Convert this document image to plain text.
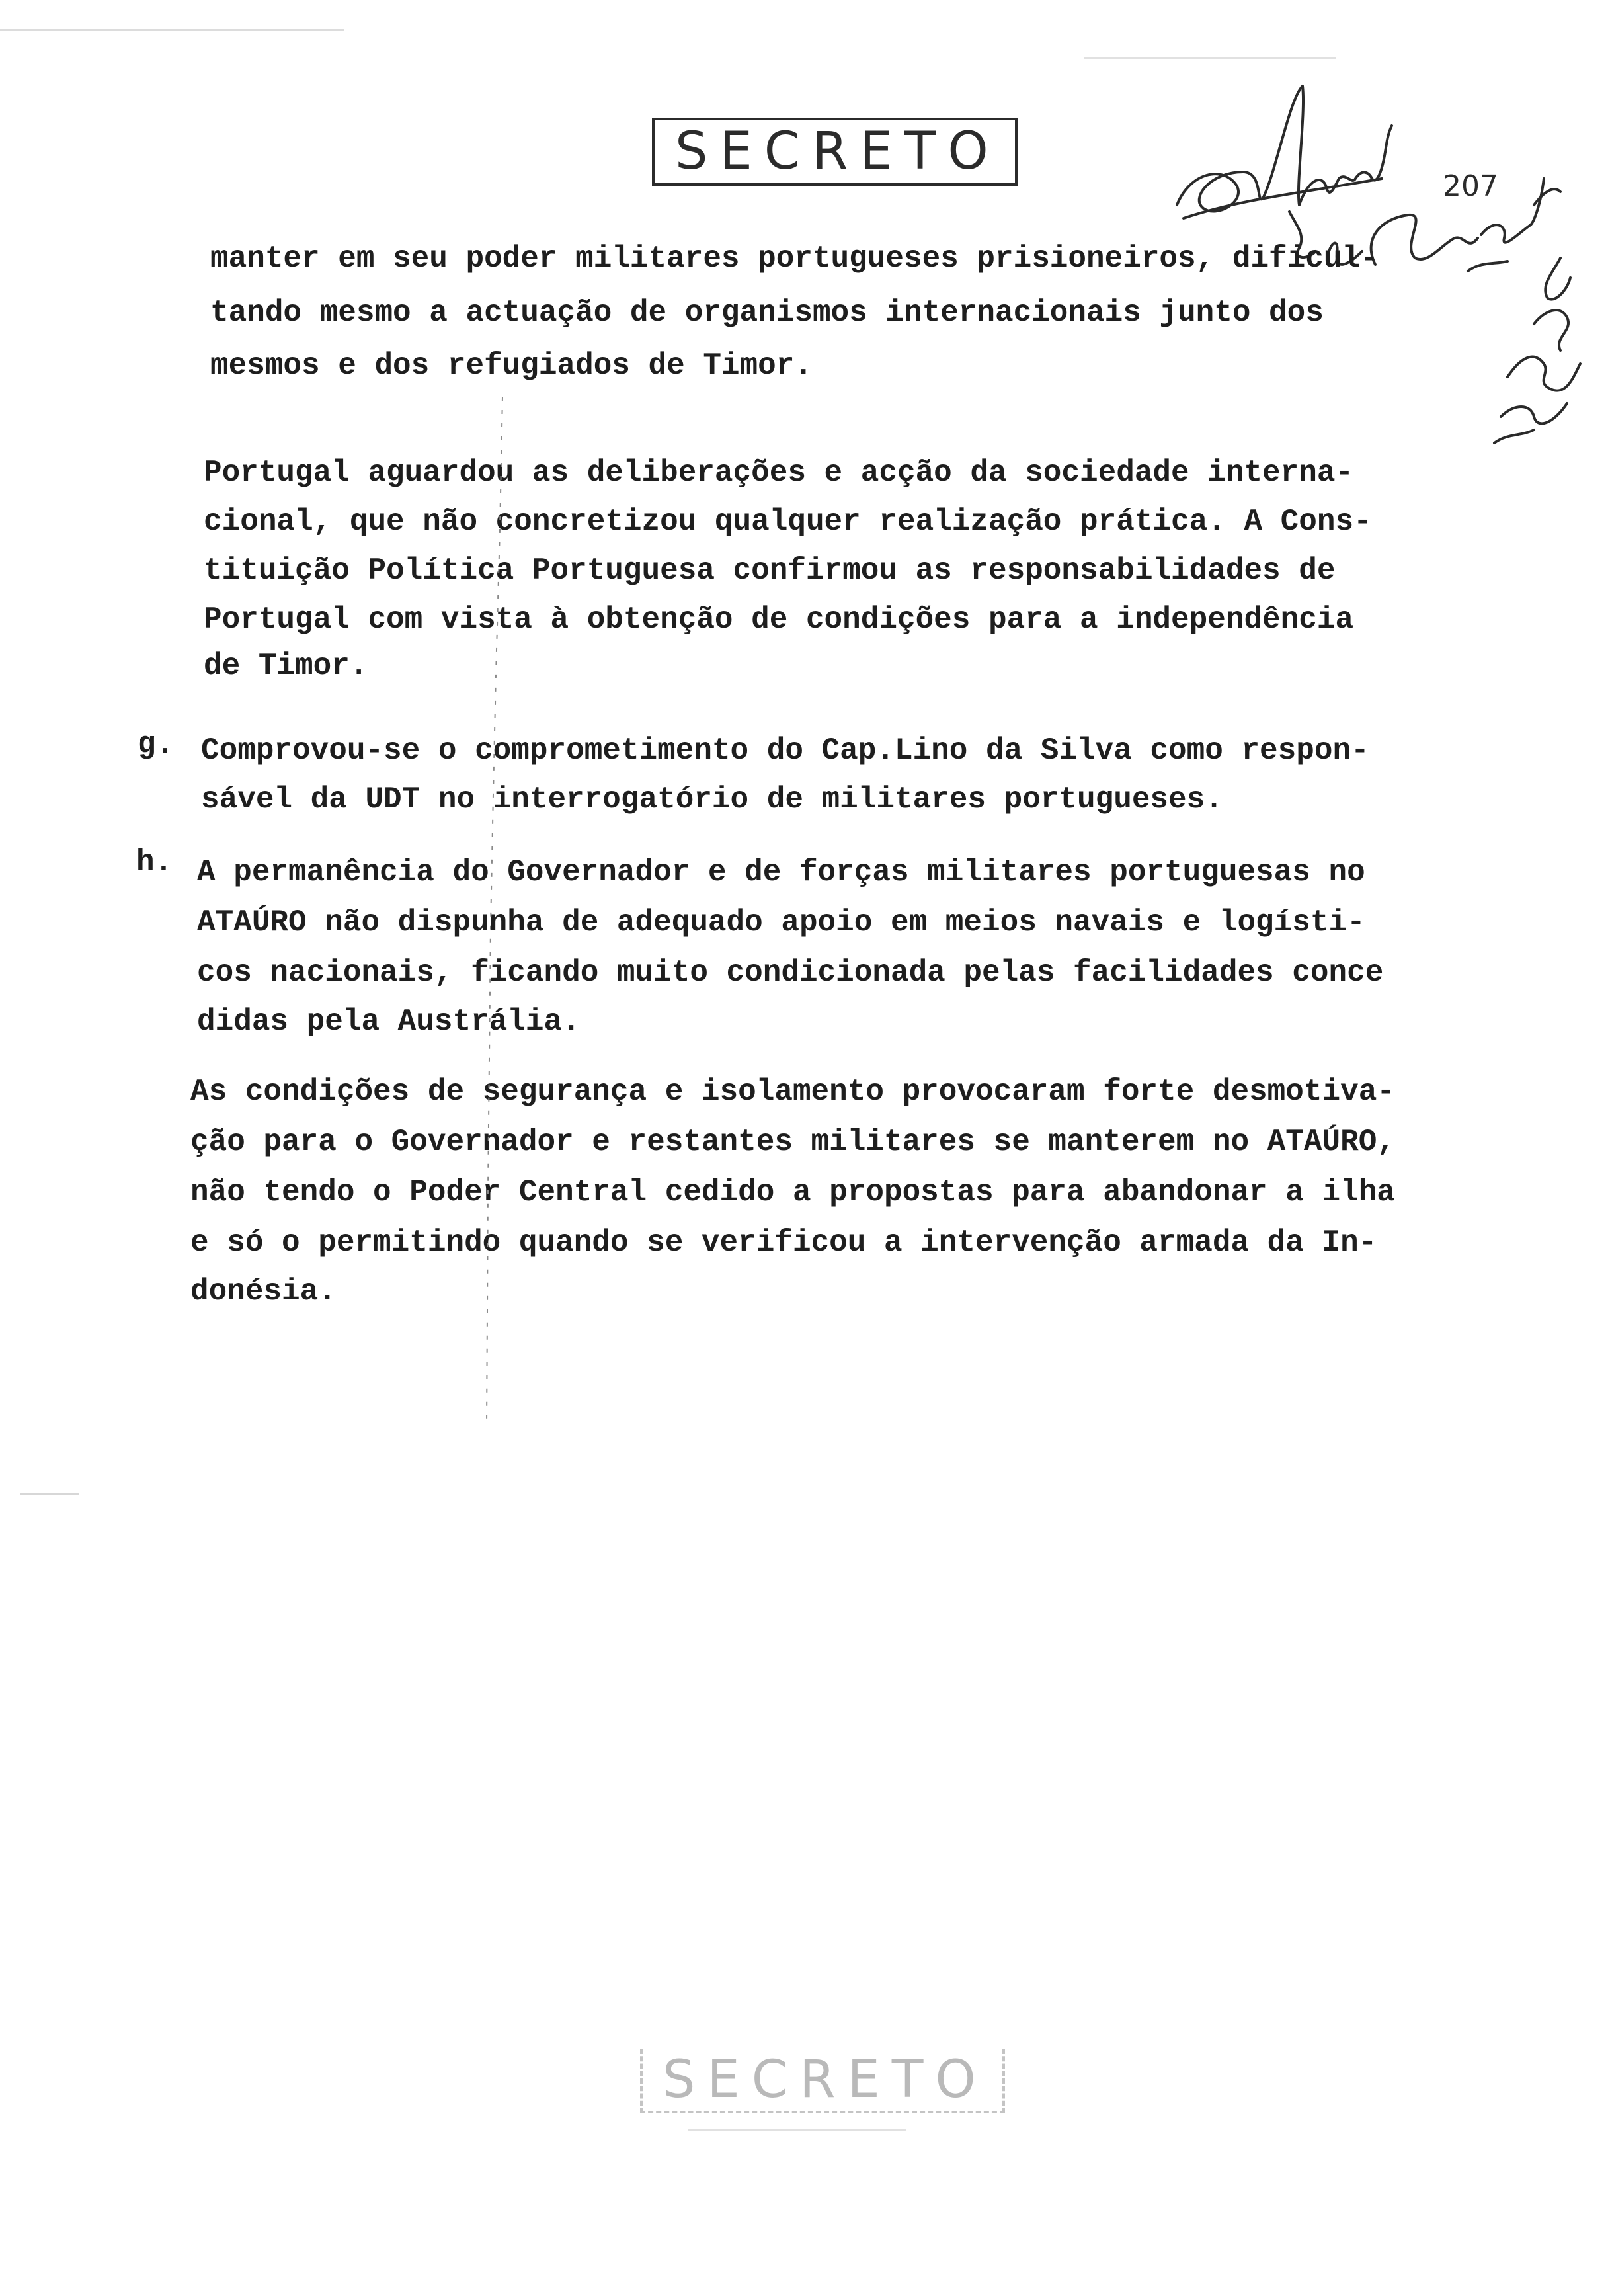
SECRETO
207
manter em seu poder militares portugueses prisioneiros, dificul-
tando mesmo a actuação de organismos internacionais junto dos
mesmos e dos refugiados de Timor.
Portugal aguardou as deliberações e acção da sociedade interna-
cional, que não concretizou qualquer realização prática. A Cons-
tituição Política Portuguesa confirmou as responsabilidades de
Portugal com vista à obtenção de condições para a independência
de Timor.
g. Comprovou-se o comprometimento do Cap.Lino da Silva como respon-
sável da UDT no interrogatório de militares portugueses.
h. A permanência do Governador e de forças militares portuguesas no
ATAÚRO não dispunha de adequado apoio em meios navais e logísti-
cos nacionais, ficando muito condicionada pelas facilidades conce
didas pela Austrália.
As condições de segurança e isolamento provocaram forte desmotiva-
ção para o Governador e restantes militares se manterem no ATAÚRO,
não tendo o Poder Central cedido a propostas para abandonar a ilha
e só o permitindo quando se verificou a intervenção armada da In-
donésia.
SECRETO
